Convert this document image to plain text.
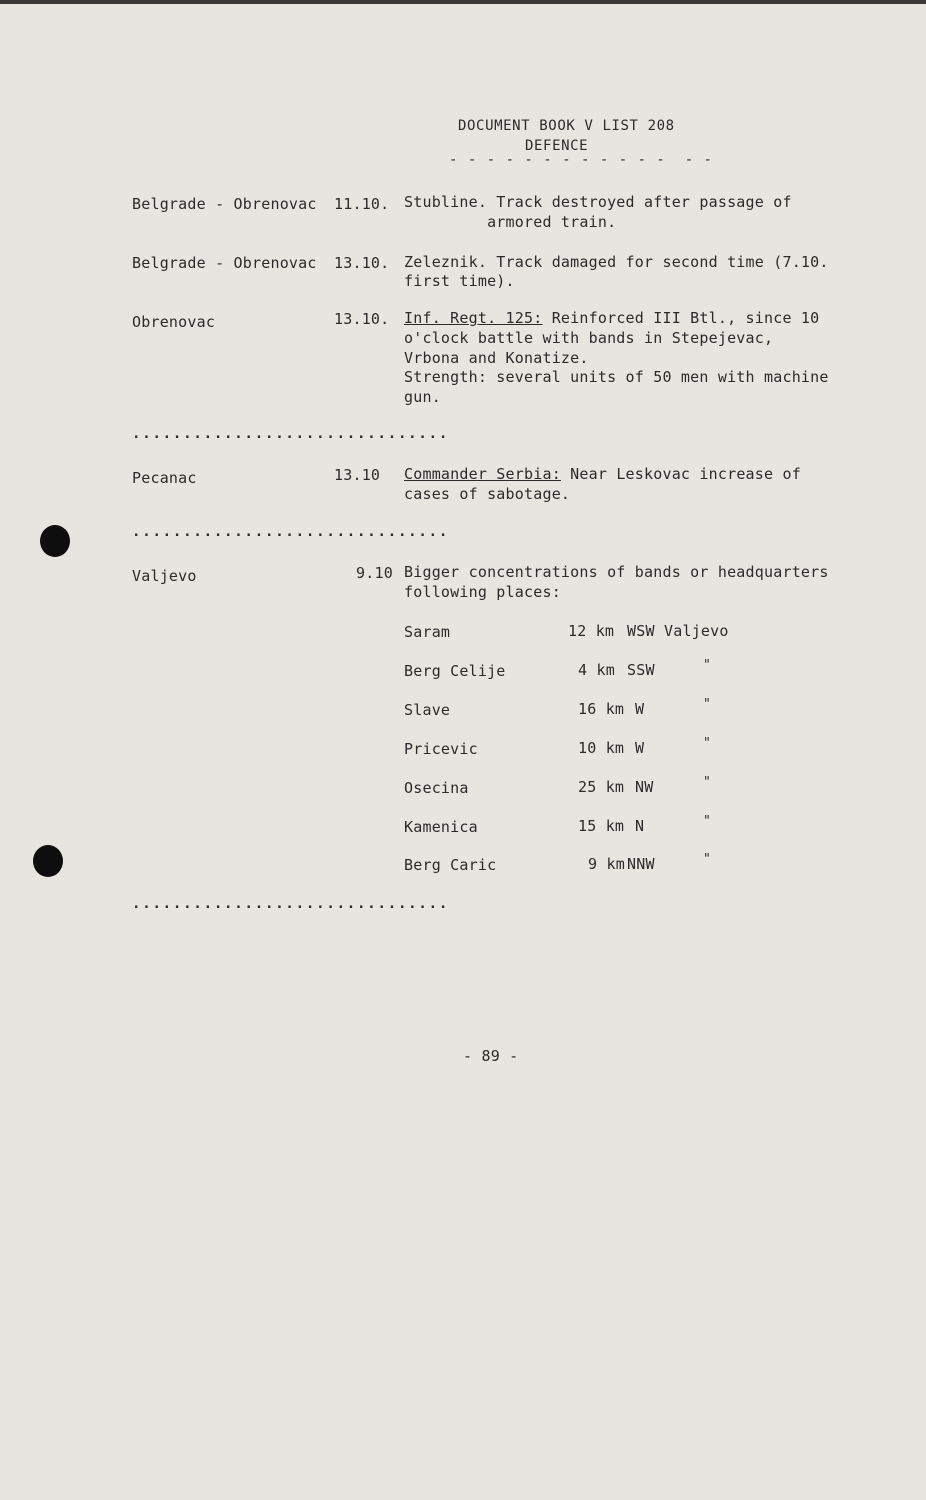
DOCUMENT BOOK V LIST 208
DEFENCE
- - - - - - - - - - - -  - -
Belgrade - Obrenovac 11.10. Stubline. Track destroyed after passage of
armored train.
Belgrade - Obrenovac 13.10. Zeleznik. Track damaged for second time (7.10.
first time).
Obrenovac	13.10. Inf. Regt. 125: Reinforced III Btl., since 10
o'clock battle with bands in Stepejevac,
Vrbona and Konatize.
Strength: several units of 50 men with machine
gun.
...............................
Pecanac	13.10 Commander Serbia: Near Leskovac increase of
cases of sabotage.
...............................
Valjevo	9.10 Bigger concentrations of bands or headquarters
following places:
Saram	12 km WSW Valjevo
Berg Celije	4 km SSW	"
Slave	16 km W	"
Pricevic	10 km W	"
Osecina	25 km NW	"
Kamenica	15 km N	"
Berg Caric	9 km NNW	"
...............................
- 89 -
